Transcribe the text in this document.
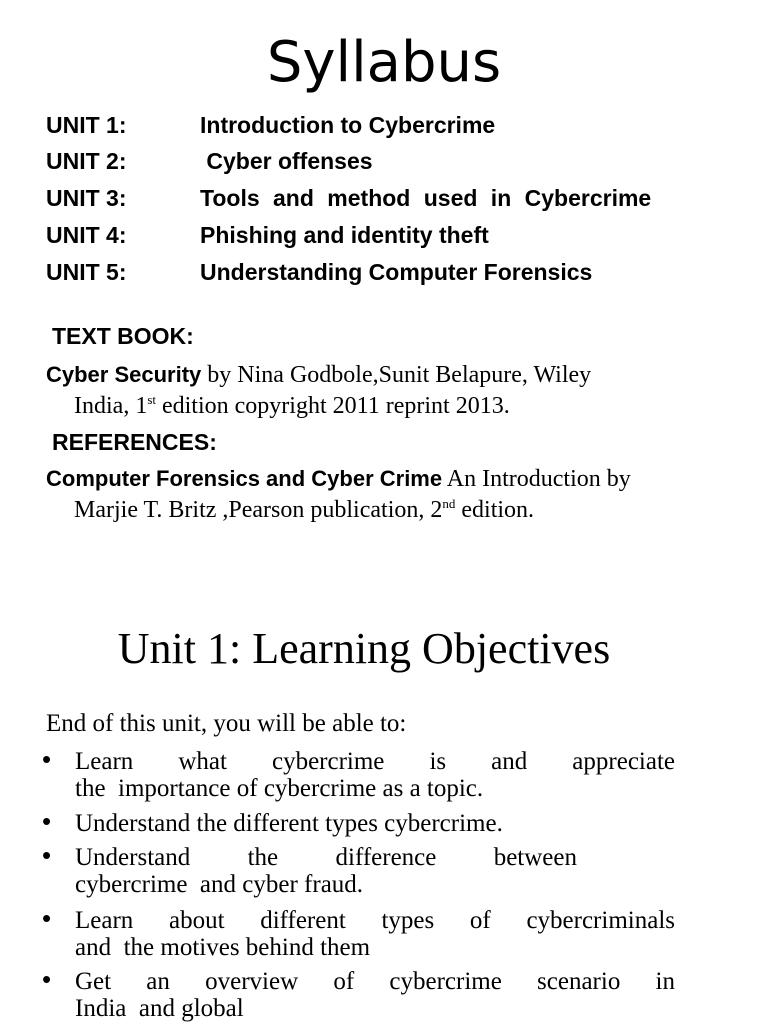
Syllabus
UNIT 1:	Introduction to Cybercrime
UNIT 2:	Cyber offenses
UNIT 3:	Tools and method used in Cybercrime
UNIT 4:	Phishing and identity theft
UNIT 5:	Understanding Computer Forensics
TEXT BOOK:
Cyber Security by Nina Godbole,Sunit Belapure, Wiley
India, 1st edition copyright 2011 reprint 2013.
REFERENCES:
Computer Forensics and Cyber Crime An Introduction by
Marjie T. Britz ,Pearson publication, 2nd edition.
Unit 1: Learning Objectives
End of this unit, you will be able to:
• Learn what cybercrime is and appreciate
the  importance of cybercrime as a topic.
• Understand the different types cybercrime.
• Understand the difference between
cybercrime  and cyber fraud.
• Learn about different types of cybercriminals
and  the motives behind them
• Get an overview of cybercrime scenario in
India  and global
